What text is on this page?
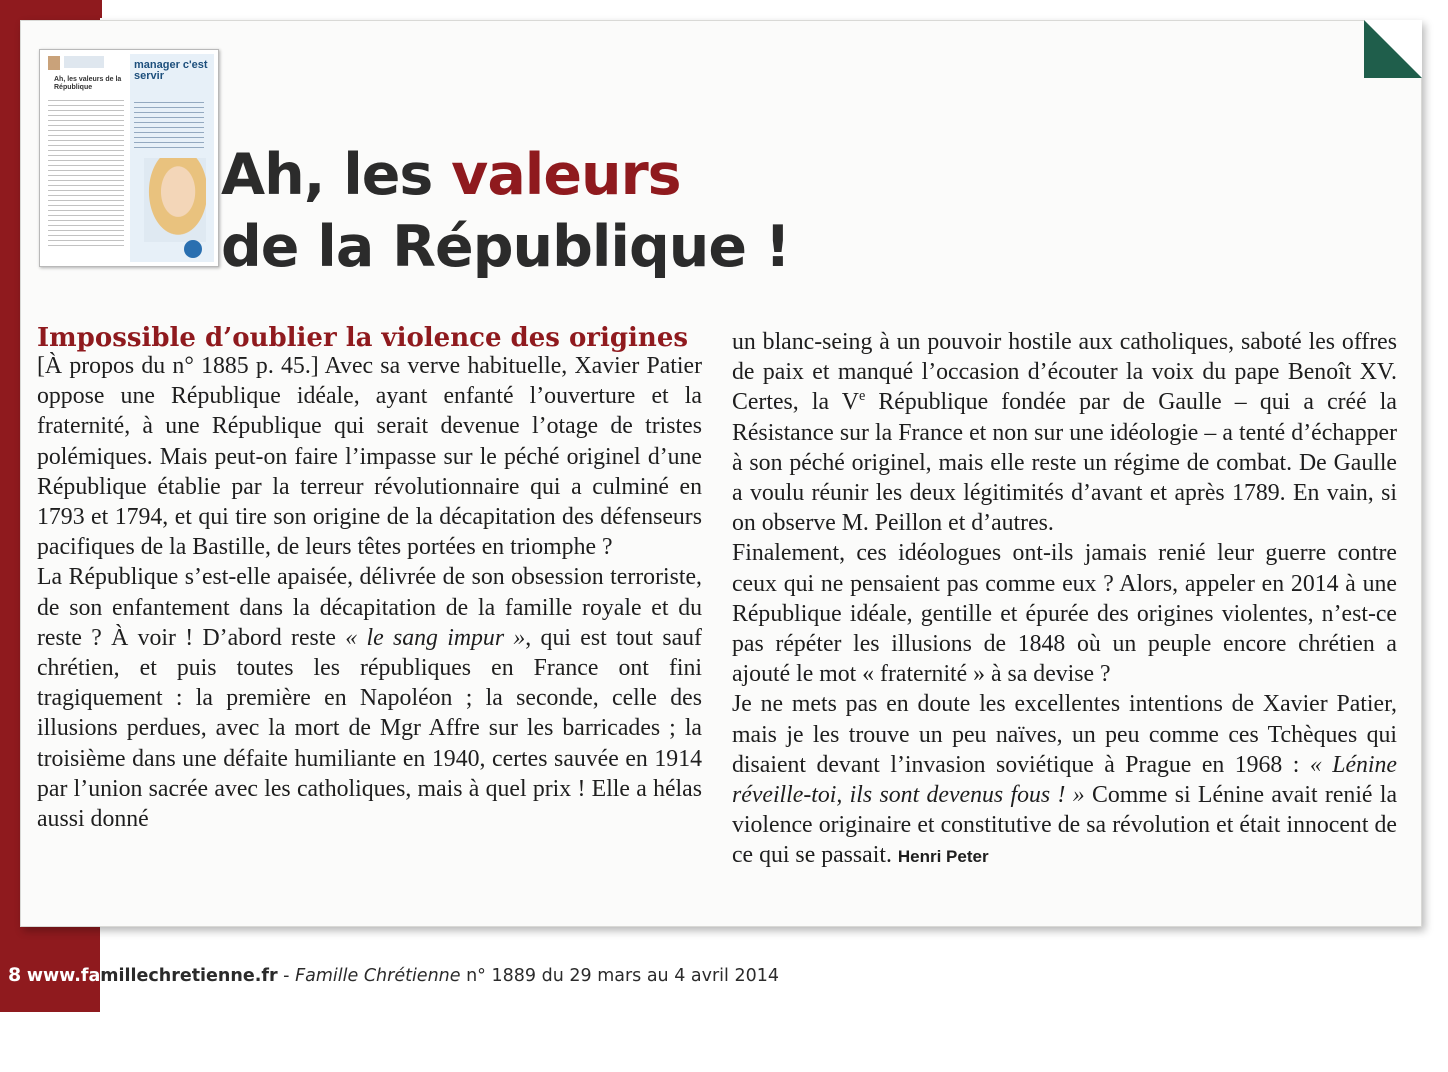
Ah, les valeurs de la République
manager c'est servir
Ah, les valeurs
de la République !
Impossible d’oublier la violence des origines

[À propos du n° 1885 p. 45.] Avec sa verve habituelle, Xavier Patier oppose une République idéale, ayant enfanté l’ouverture et la fraternité, à une République qui serait devenue l’otage de tristes polémiques. Mais peut-on faire l’impasse sur le péché originel d’une République établie par la terreur révolutionnaire qui a culminé en 1793 et 1794, et qui tire son origine de la décapitation des défenseurs pacifiques de la Bastille, de leurs têtes portées en triomphe ?

La République s’est-elle apaisée, délivrée de son obsession terroriste, de son enfantement dans la décapitation de la famille royale et du reste ? À voir ! D’abord reste « le sang impur », qui est tout sauf chrétien, et puis toutes les républiques en France ont fini tragiquement : la première en Napoléon ; la seconde, celle des illusions perdues, avec la mort de Mgr Affre sur les barricades ; la troisième dans une défaite humiliante en 1940, certes sauvée en 1914 par l’union sacrée avec les catholiques, mais à quel prix ! Elle a hélas aussi donné

un blanc-seing à un pouvoir hostile aux catholiques, saboté les offres de paix et manqué l’occasion d’écouter la voix du pape Benoît XV. Certes, la Ve République fondée par de Gaulle – qui a créé la Résistance sur la France et non sur une idéologie – a tenté d’échapper à son péché originel, mais elle reste un régime de combat. De Gaulle a voulu réunir les deux légitimités d’avant et après 1789. En vain, si on observe M. Peillon et d’autres.

Finalement, ces idéologues ont-ils jamais renié leur guerre contre ceux qui ne pensaient pas comme eux ? Alors, appeler en 2014 à une République idéale, gentille et épurée des origines violentes, n’est-ce pas répéter les illusions de 1848 où un peuple encore chrétien a ajouté le mot « fraternité » à sa devise ?

Je ne mets pas en doute les excellentes intentions de Xavier Patier, mais je les trouve un peu naïves, un peu comme ces Tchèques qui disaient devant l’invasion soviétique à Prague en 1968 : « Lénine réveille-toi, ils sont devenus fous ! » Comme si Lénine avait renié la violence originaire et constitutive de sa révolution et était innocent de ce qui se passait. Henri Peter

8 www.famillechretienne.fr - Famille Chrétienne n° 1889 du 29 mars au 4 avril 2014
